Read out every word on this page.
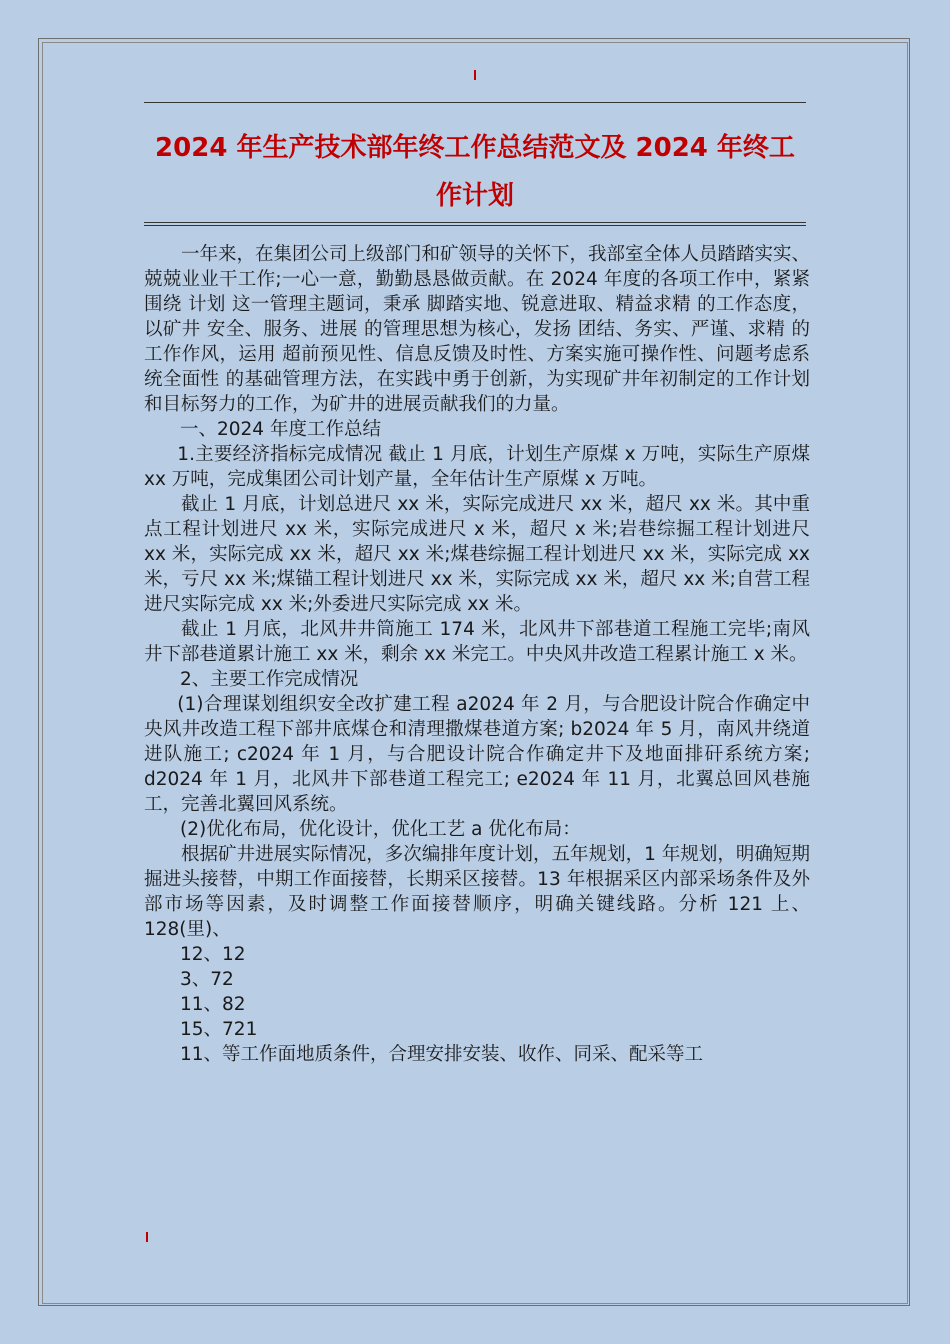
2024 年生产技术部年终工作总结范文及 2024 年终工作计划

一年来，在集团公司上级部门和矿领导的关怀下，我部室全体人员踏踏实实、兢兢业业干工作;一心一意，勤勤恳恳做贡献。在 2024 年度的各项工作中，紧紧围绕 计划 这一管理主题词，秉承 脚踏实地、锐意进取、精益求精 的工作态度，以矿井 安全、服务、进展 的管理思想为核心，发扬 团结、务实、严谨、求精 的工作作风，运用 超前预见性、信息反馈及时性、方案实施可操作性、问题考虑系统全面性 的基础管理方法，在实践中勇于创新，为实现矿井年初制定的工作计划和目标努力的工作，为矿井的进展贡献我们的力量。

一、2024 年度工作总结

1.主要经济指标完成情况 截止 1 月底，计划生产原煤 x 万吨，实际生产原煤 xx 万吨，完成集团公司计划产量，全年估计生产原煤 x 万吨。

截止 1 月底，计划总进尺 xx 米，实际完成进尺 xx 米，超尺 xx 米。其中重点工程计划进尺 xx 米，实际完成进尺 x 米，超尺 x 米;岩巷综掘工程计划进尺 xx 米，实际完成 xx 米，超尺 xx 米;煤巷综掘工程计划进尺 xx 米，实际完成 xx 米，亏尺 xx 米;煤锚工程计划进尺 xx 米，实际完成 xx 米，超尺 xx 米;自营工程进尺实际完成 xx 米;外委进尺实际完成 xx 米。

截止 1 月底，北风井井筒施工 174 米，北风井下部巷道工程施工完毕;南风井下部巷道累计施工 xx 米，剩余 xx 米完工。中央风井改造工程累计施工 x 米。

2、主要工作完成情况

(1)合理谋划组织安全改扩建工程 a2024 年 2 月，与合肥设计院合作确定中央风井改造工程下部井底煤仓和清理撒煤巷道方案; b2024 年 5 月，南风井绕道进队施工; c2024 年 1 月，与合肥设计院合作确定井下及地面排矸系统方案; d2024 年 1 月，北风井下部巷道工程完工; e2024 年 11 月，北翼总回风巷施工，完善北翼回风系统。

(2)优化布局，优化设计，优化工艺 a 优化布局：

根据矿井进展实际情况，多次编排年度计划，五年规划，1 年规划，明确短期掘进头接替，中期工作面接替，长期采区接替。13 年根据采区内部采场条件及外部市场等因素，及时调整工作面接替顺序，明确关键线路。分析 121 上、128(里)、

12、12

3、72

11、82

15、721

11、等工作面地质条件，合理安排安装、收作、同采、配采等工
